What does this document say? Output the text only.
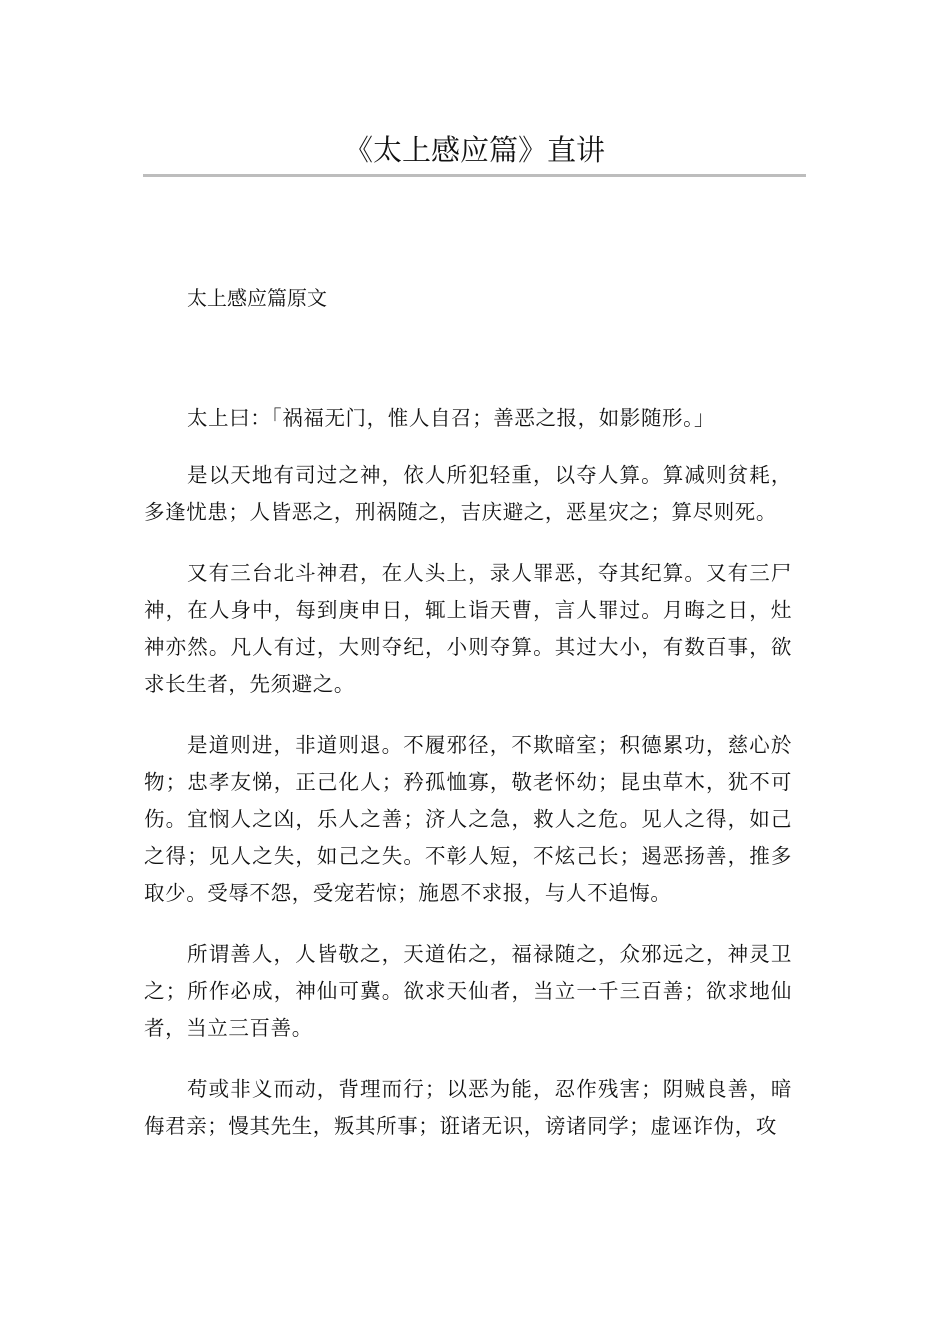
《太上感应篇》直讲
太上感应篇原文

太上曰：「祸福无门，惟人自召；善恶之报，如影随形。」

是以天地有司过之神，依人所犯轻重，以夺人算。算减则贫耗，多逢忧患；人皆恶之，刑祸随之，吉庆避之，恶星灾之；算尽则死。

又有三台北斗神君，在人头上，录人罪恶，夺其纪算。又有三尸神，在人身中，每到庚申日，辄上诣天曹，言人罪过。月晦之日，灶神亦然。凡人有过，大则夺纪，小则夺算。其过大小，有数百事，欲求长生者，先须避之。

是道则进，非道则退。不履邪径，不欺暗室；积德累功，慈心於物；忠孝友悌，正己化人；矜孤恤寡，敬老怀幼；昆虫草木，犹不可伤。宜悯人之凶，乐人之善；济人之急，救人之危。见人之得，如己之得；见人之失，如己之失。不彰人短，不炫己长；遏恶扬善，推多取少。受辱不怨，受宠若惊；施恩不求报，与人不追悔。

所谓善人，人皆敬之，天道佑之，福禄随之，众邪远之，神灵卫之；所作必成，神仙可冀。欲求天仙者，当立一千三百善；欲求地仙者，当立三百善。

苟或非义而动，背理而行；以恶为能，忍作残害；阴贼良善，暗侮君亲；慢其先生，叛其所事；诳诸无识，谤诸同学；虚诬诈伪，攻
